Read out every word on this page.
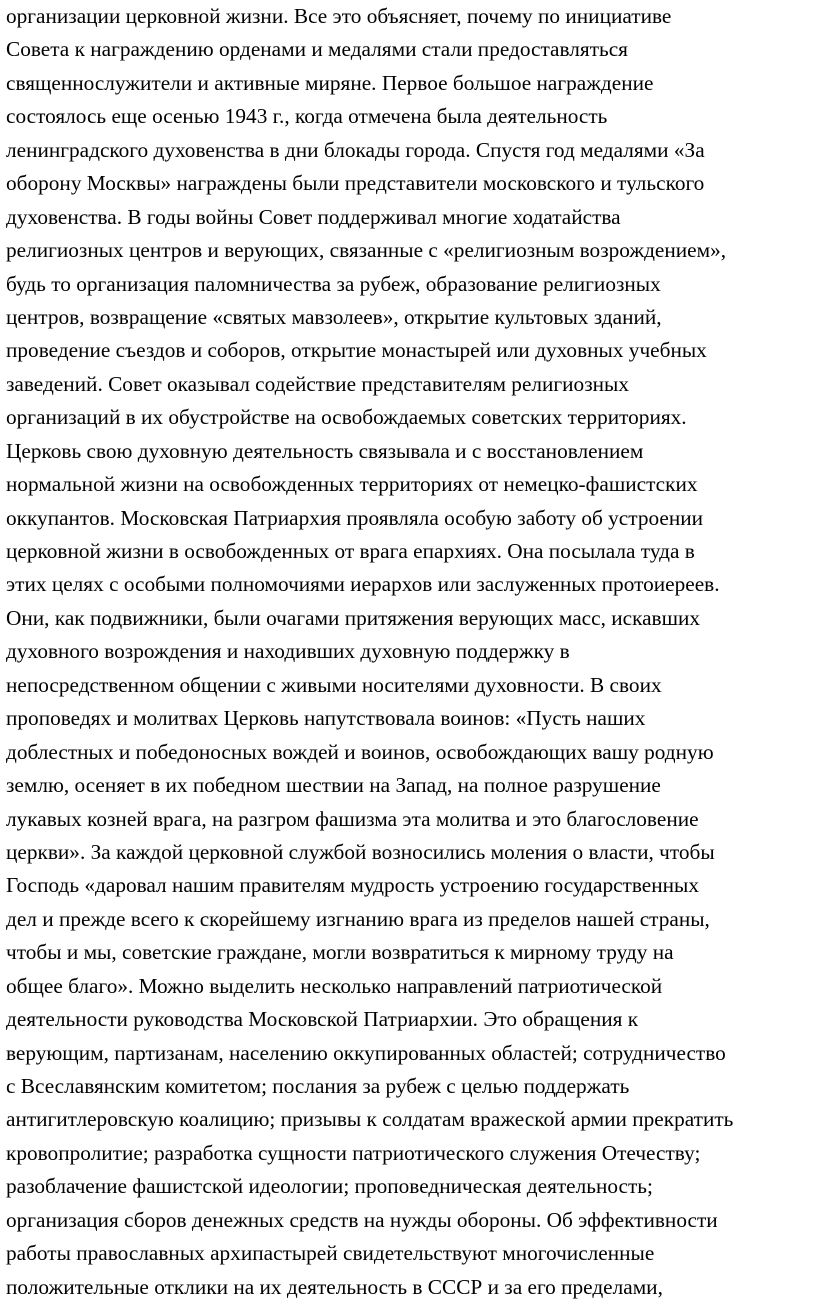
организации церковной жизни. Все это объясняет, почему по инициативе
Совета к награждению орденами и медалями стали предоставляться
священнослужители и активные миряне. Первое большое награждение
состоялось еще осенью 1943 г., когда отмечена была деятельность
ленинградского духовенства в дни блокады города. Спустя год медалями «За
оборону Москвы» награждены были представители московского и тульского
духовенства. В годы войны Совет поддерживал многие ходатайства
религиозных центров и верующих, связанные с «религиозным возрождением»,
будь то организация паломничества за рубеж, образование религиозных
центров, возвращение «святых мавзолеев», открытие культовых зданий,
проведение съездов и соборов, открытие монастырей или духовных учебных
заведений. Совет оказывал содействие представителям религиозных
организаций в их обустройстве на освобождаемых советских территориях.
Церковь свою духовную деятельность связывала и с восстановлением
нормальной жизни на освобожденных территориях от немецко-фашистских
оккупантов. Московская Патриархия проявляла особую заботу об устроении
церковной жизни в освобожденных от врага епархиях. Она посылала туда в
этих целях с особыми полномочиями иерархов или заслуженных протоиереев.
Они, как подвижники, были очагами притяжения верующих масс, искавших
духовного возрождения и находивших духовную поддержку в
непосредственном общении с живыми носителями духовности. В своих
проповедях и молитвах Церковь напутствовала воинов: «Пусть наших
доблестных и победоносных вождей и воинов, освобождающих вашу родную
землю, осеняет в их победном шествии на Запад, на полное разрушение
лукавых козней врага, на разгром фашизма эта молитва и это благословение
церкви». За каждой церковной службой возносились моления о власти, чтобы
Господь «даровал нашим правителям мудрость устроению государственных
дел и прежде всего к скорейшему изгнанию врага из пределов нашей страны,
чтобы и мы, советские граждане, могли возвратиться к мирному труду на
общее благо». Можно выделить несколько направлений патриотической
деятельности руководства Московской Патриархии. Это обращения к
верующим, партизанам, населению оккупированных областей; сотрудничество
с Всеславянским комитетом; послания за рубеж с целью поддержать
антигитлеровскую коалицию; призывы к солдатам вражеской армии прекратить
кровопролитие; разработка сущности патриотического служения Отечеству;
разоблачение фашистской идеологии; проповедническая деятельность;
организация сборов денежных средств на нужды обороны. Об эффективности
работы православных архипастырей свидетельствуют многочисленные
положительные отклики на их деятельность в СССР и за его пределами,
